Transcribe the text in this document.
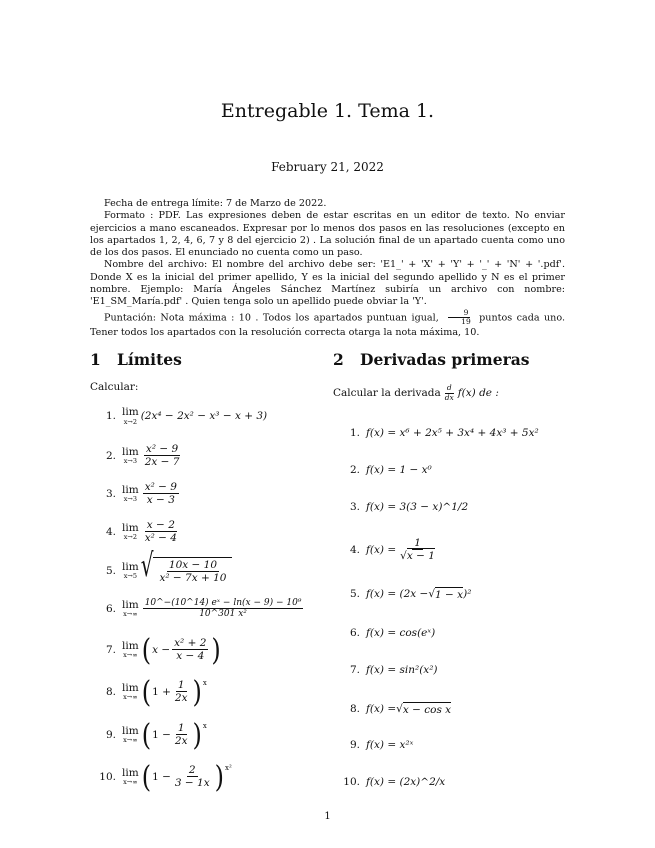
Entregable 1. Tema 1.
February 21, 2022

Fecha de entrega límite: 7 de Marzo de 2022.

Formato : PDF. Las expresiones deben de estar escritas en un editor de texto. No enviar ejercicios a mano escaneados. Expresar por lo menos dos pasos en las resoluciones (excepto en los apartados 1, 2, 4, 6, 7 y 8 del ejercicio 2) . La solución final de un apartado cuenta como uno de los dos pasos. El enunciado no cuenta como un paso.

Nombre del archivo: El nombre del archivo debe ser: 'E1_' + 'X' + 'Y' + '_' + 'N' + '.pdf'. Donde X es la inicial del primer apellido, Y es la inicial del segundo apellido y N es el primer nombre. Ejemplo: María Ángeles Sánchez Martínez subiría un archivo con nombre: 'E1_SM_María.pdf' . Quien tenga solo un apellido puede obviar la 'Y'.

Puntación: Nota máxima : 10 . Todos los apartados puntuan igual, $\frac{9}{19}$ puntos cada uno. Tener todos los apartados con la resolución correcta otarga la nota máxima, 10.

1 Límites
Calcular:
1. lim
x→2 (2x⁴ − 2x² − x³ − x + 3)
2. lim
$x\to 3 \frac{\text{x² − 9}}{2x - 7}$
3. lim
$x\to 3 \frac{\text{x² − 9}}{x - 3}$
4. lim
$x\to 2 \frac{x - 2}{\text{x² − 4}}$
5. lim
x→5 √ $\frac{10x - 10}{\text{x² − 7x + 10}}$
6. lim
$x\to\infty \frac{\text{10\textasciicircum{}−(10\textasciicircum{}14) eˣ − ln(x − 9) − 10⁹}}{\text{10\textasciicircum{}301 x²}}$
7. lim
x→∞ ( $x - \frac{\text{x² + 2}}{x - 4}$ )
8. lim
x→∞ ( $1 + \frac{1}{2x} )^x$
9. lim
x→∞ ( $1 - \frac{1}{2x} )^x$
10. lim
x→∞ ( $1 - \frac{2}{3 - 1x} )^{x^2}$
2 Derivadas primeras
Calcular la derivada $\frac{d}{dx} f(x)$ de :
1. f(x) = x⁶ + 2x⁵ + 3x⁴ + 4x³ + 5x²
2. f(x) = 1 − x⁰
3. f(x) = 3(3 − x)^1/2
4. $f(x) = \frac{1}{√x - 1}$
5. f(x) = (2x − √ 1 − x )²
6. f(x) = cos(eˣ)
7. f(x) = sin²(x²)
8. f(x) = √ x − cos x
9. f(x) = x²ˣ
10. f(x) = (2x)^2/x
1
